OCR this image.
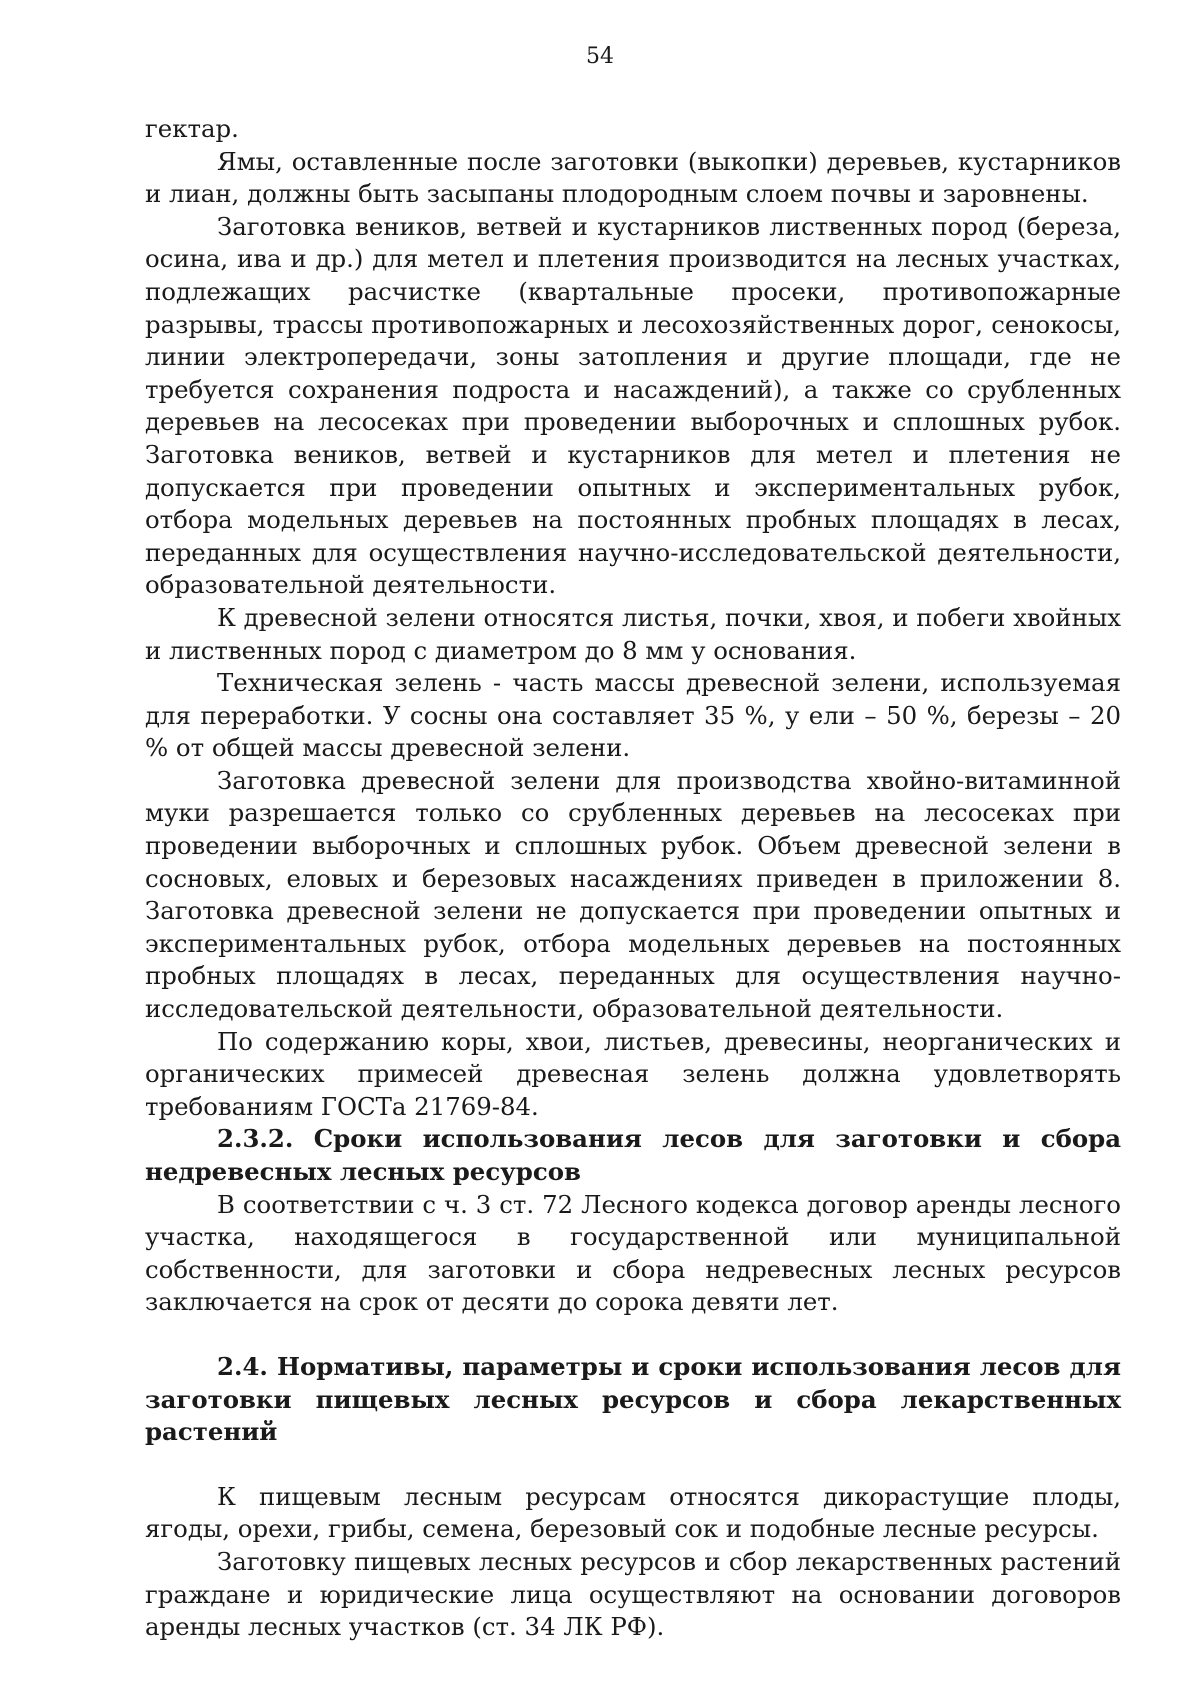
54

гектар.

Ямы, оставленные после заготовки (выкопки) деревьев, кустарников и лиан, должны быть засыпаны плодородным слоем почвы и заровнены.

Заготовка веников, ветвей и кустарников лиственных пород (береза, осина, ива и др.) для метел и плетения производится на лесных участках, подлежащих расчистке (квартальные просеки, противопожарные разрывы, трассы противопожарных и лесохозяйственных дорог, сенокосы, линии электропередачи, зоны затопления и другие площади, где не требуется сохранения подроста и насаждений), а также со срубленных деревьев на лесосеках при проведении выборочных и сплошных рубок. Заготовка веников, ветвей и кустарников для метел и плетения не допускается при проведении опытных и экспериментальных рубок, отбора модельных деревьев на постоянных пробных площадях в лесах, переданных для осуществления научно-исследовательской деятельности, образовательной деятельности.

К древесной зелени относятся листья, почки, хвоя, и побеги хвойных и лиственных пород с диаметром до 8 мм у основания.

Техническая зелень - часть массы древесной зелени, используемая для переработки. У сосны она составляет 35 %, у ели – 50 %, березы – 20 % от общей массы древесной зелени.

Заготовка древесной зелени для производства хвойно-витаминной муки разрешается только со срубленных деревьев на лесосеках при проведении выборочных и сплошных рубок. Объем древесной зелени в сосновых, еловых и березовых насаждениях приведен в приложении 8. Заготовка древесной зелени не допускается при проведении опытных и экспериментальных рубок, отбора модельных деревьев на постоянных пробных площадях в лесах, переданных для осуществления научно-исследовательской деятельности, образовательной деятельности.

По содержанию коры, хвои, листьев, древесины, неорганических и органических примесей древесная зелень должна удовлетворять требованиям ГОСТа 21769-84.

2.3.2. Сроки использования лесов для заготовки и сбора недревесных лесных ресурсов

В соответствии с ч. 3 ст. 72 Лесного кодекса договор аренды лесного участка, находящегося в государственной или муниципальной собственности, для заготовки и сбора недревесных лесных ресурсов заключается на срок от десяти до сорока девяти лет.

2.4. Нормативы, параметры и сроки использования лесов для заготовки пищевых лесных ресурсов и сбора лекарственных растений

К пищевым лесным ресурсам относятся дикорастущие плоды, ягоды, орехи, грибы, семена, березовый сок и подобные лесные ресурсы.

Заготовку пищевых лесных ресурсов и сбор лекарственных растений граждане и юридические лица осуществляют на основании договоров аренды лесных участков (ст. 34 ЛК РФ).
